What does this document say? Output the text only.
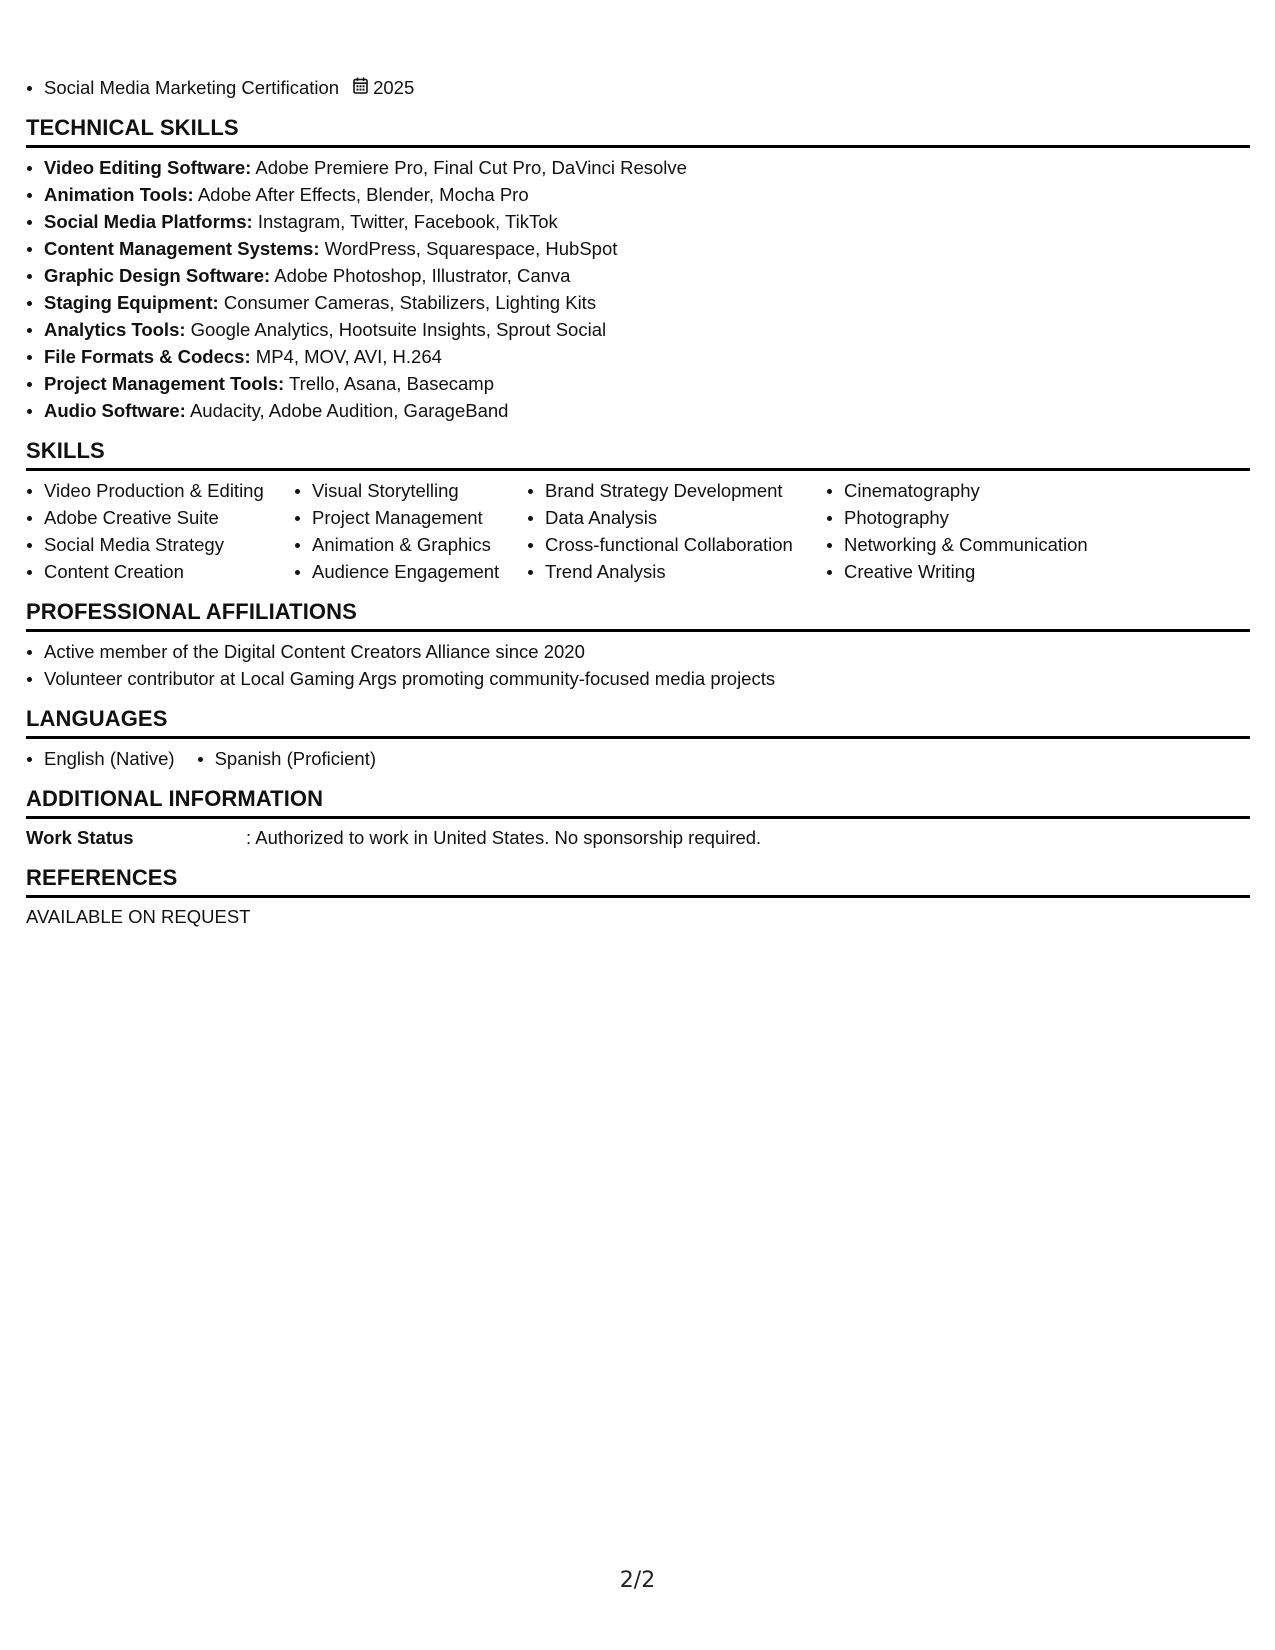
Social Media Marketing Certification 2025
TECHNICAL SKILLS
Video Editing Software: Adobe Premiere Pro, Final Cut Pro, DaVinci Resolve
Animation Tools: Adobe After Effects, Blender, Mocha Pro
Social Media Platforms: Instagram, Twitter, Facebook, TikTok
Content Management Systems: WordPress, Squarespace, HubSpot
Graphic Design Software: Adobe Photoshop, Illustrator, Canva
Staging Equipment: Consumer Cameras, Stabilizers, Lighting Kits
Analytics Tools: Google Analytics, Hootsuite Insights, Sprout Social
File Formats & Codecs: MP4, MOV, AVI, H.264
Project Management Tools: Trello, Asana, Basecamp
Audio Software: Audacity, Adobe Audition, GarageBand
SKILLS
Video Production & Editing
Adobe Creative Suite
Social Media Strategy
Content Creation
Visual Storytelling
Project Management
Animation & Graphics
Audience Engagement
Brand Strategy Development
Data Analysis
Cross-functional Collaboration
Trend Analysis
Cinematography
Photography
Networking & Communication
Creative Writing
PROFESSIONAL AFFILIATIONS
Active member of the Digital Content Creators Alliance since 2020
Volunteer contributor at Local Gaming Args promoting community-focused media projects
LANGUAGES
English (Native)	Spanish (Proficient)
ADDITIONAL INFORMATION
Work Status	: Authorized to work in United States. No sponsorship required.
REFERENCES
AVAILABLE ON REQUEST
2/2
